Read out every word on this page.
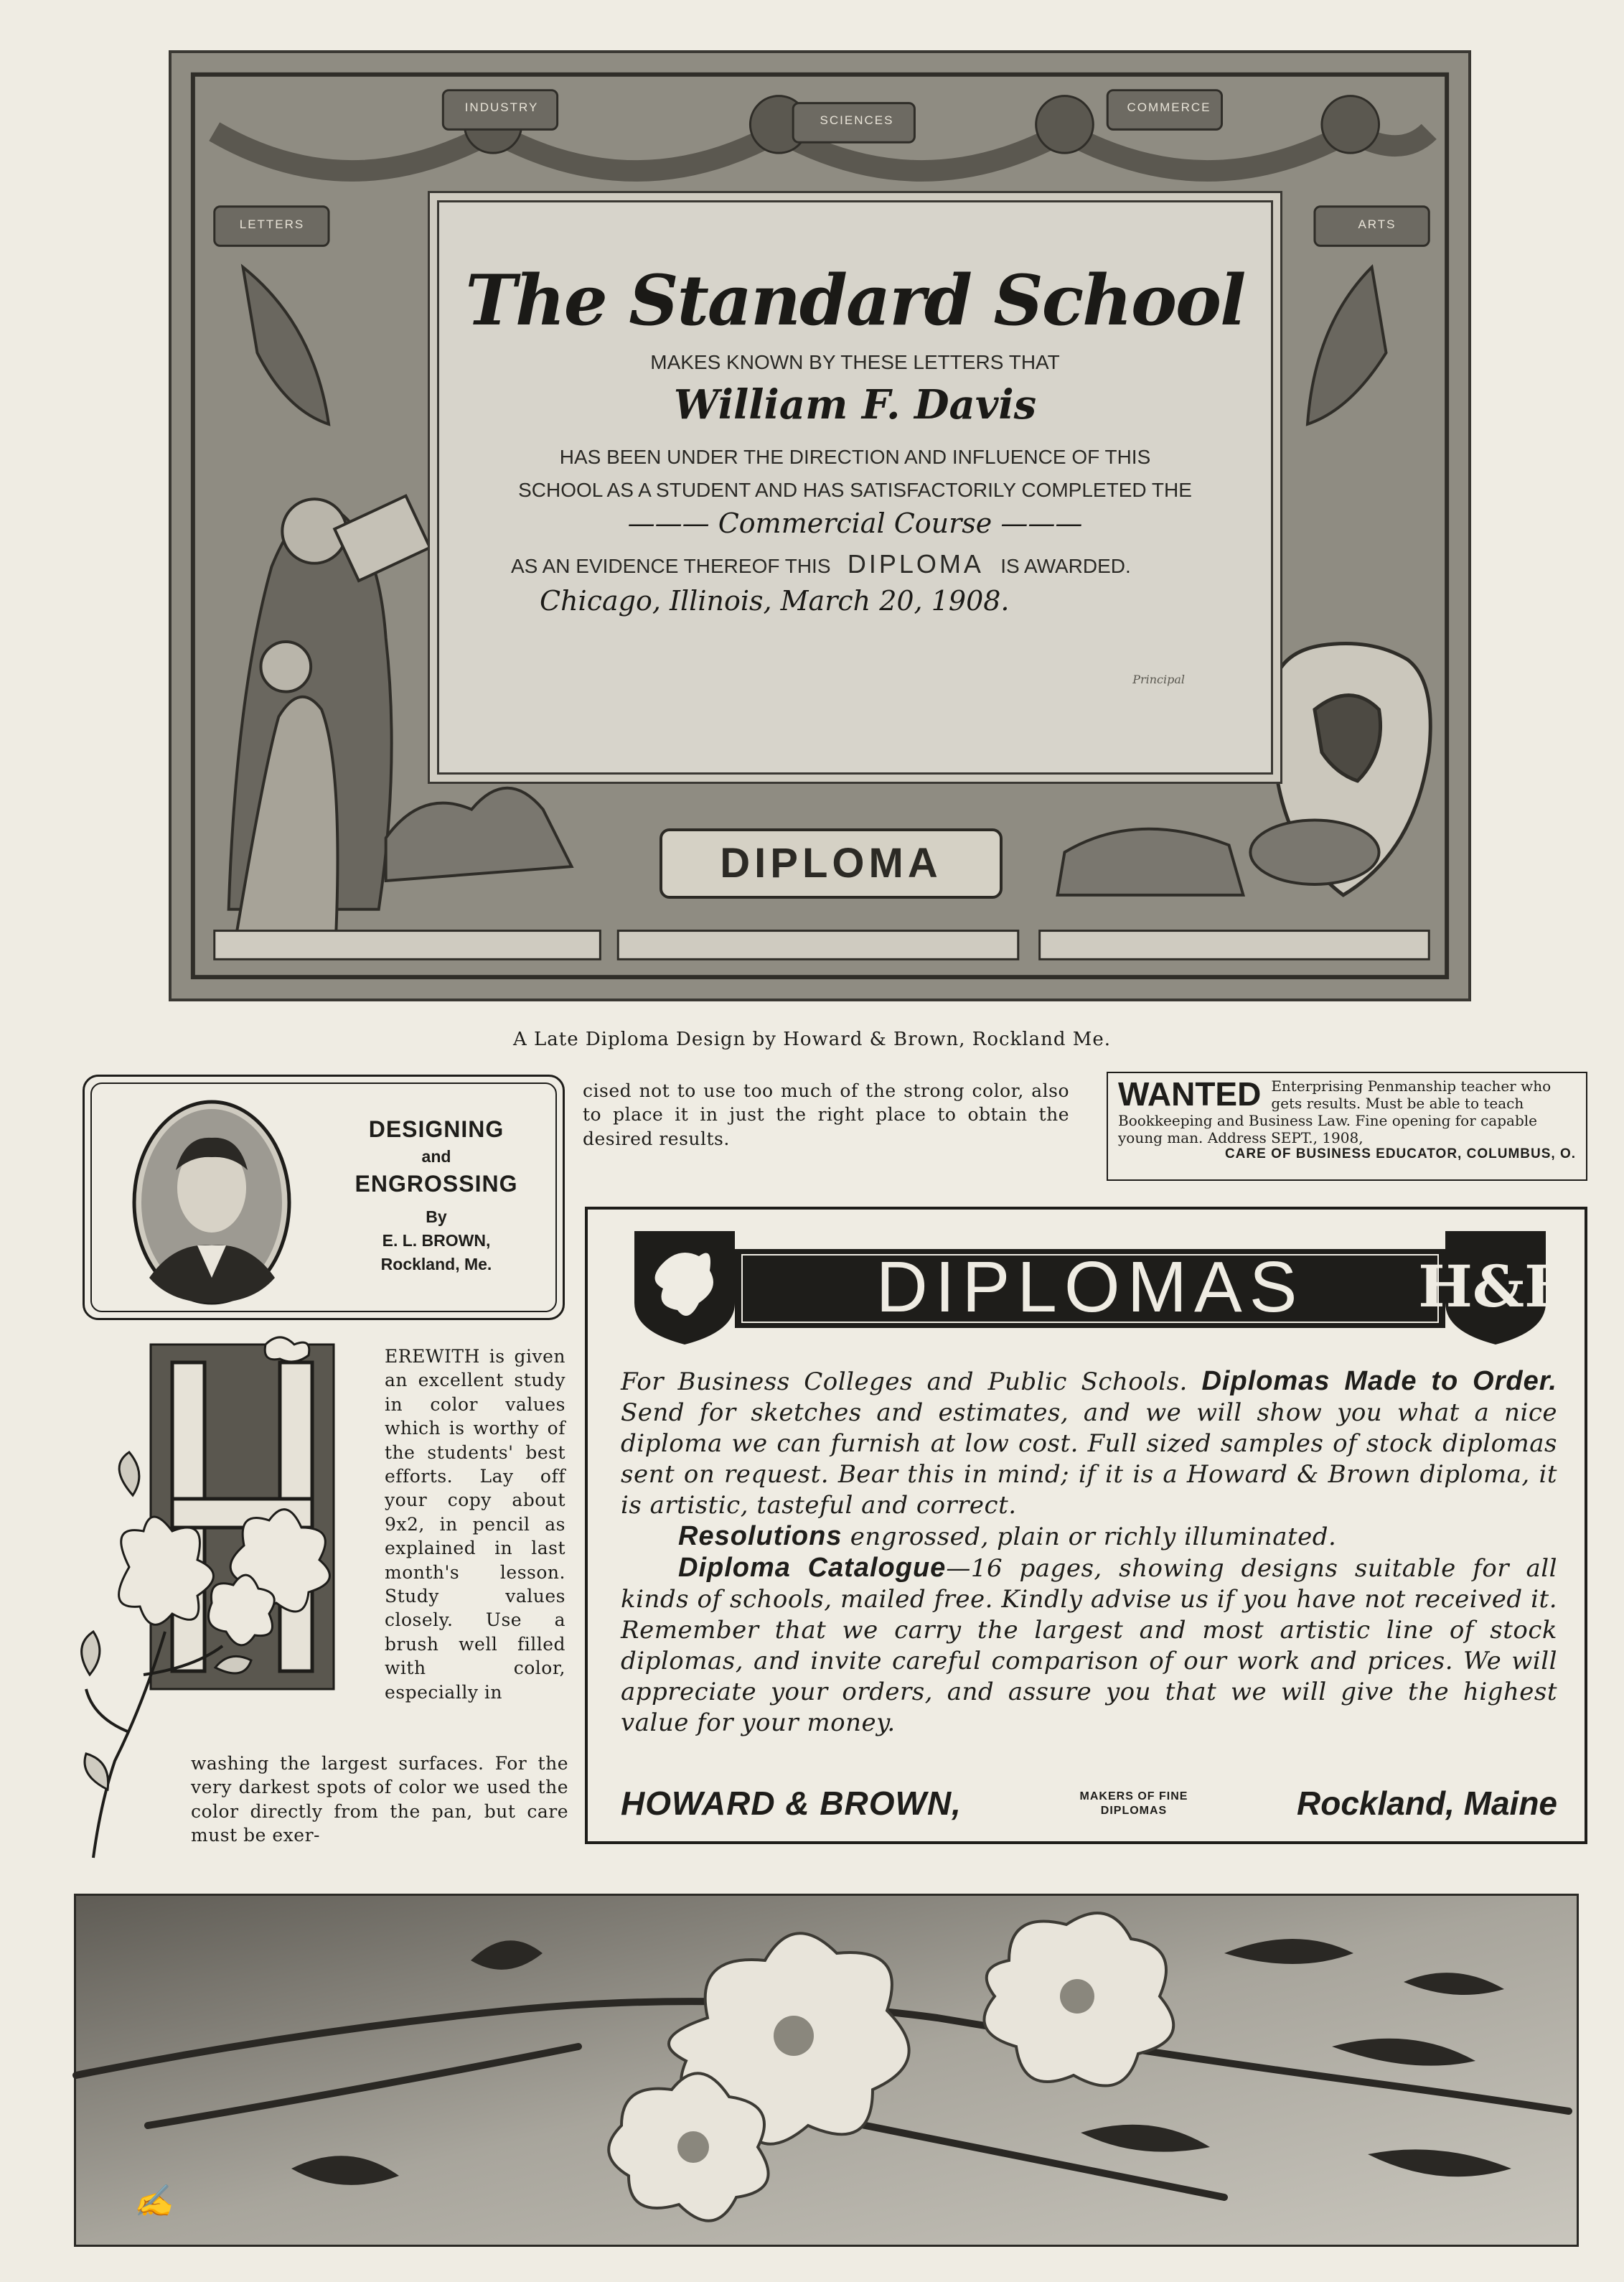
INDUSTRY
SCIENCES
COMMERCE
LETTERS	ARTS
The Standard School
MAKES KNOWN BY THESE LETTERS THAT
William F. Davis
HAS BEEN UNDER THE DIRECTION AND INFLUENCE OF THIS
SCHOOL AS A STUDENT AND HAS SATISFACTORILY COMPLETED THE
——— Commercial Course ———
AS AN EVIDENCE THEREOF THIS DIPLOMA IS AWARDED.
Chicago, Illinois, March 20, 1908.
Principal
DIPLOMA
A Late Diploma Design by Howard & Brown, Rockland Me.
DESIGNING
and
ENGROSSING
By
E. L. BROWN,
Rockland, Me.
EREWITH is given an excellent study in color values which is worthy of the students' best efforts. Lay off your copy about 9x2, in pencil as explained in last month's lesson. Study values closely. Use a brush well filled with color, especially in
washing the largest surfaces. For the very darkest spots of color we used the color directly from the pan, but care must be exer-
cised not to use too much of the strong color, also to place it in just the right place to obtain the desired results.
WANTED Enterprising Penmanship teacher who gets results. Must be able to teach Bookkeeping and Business Law. Fine opening for capable young man. Address SEPT., 1908,
CARE OF BUSINESS EDUCATOR, COLUMBUS, O.
H&B
DIPLOMAS
For Business Colleges and Public Schools. Diplomas Made to Order. Send for sketches and estimates, and we will show you what a nice diploma we can furnish at low cost. Full sized samples of stock diplomas sent on request. Bear this in mind; if it is a Howard & Brown diploma, it is artistic, tasteful and correct.
Resolutions engrossed, plain or richly illuminated.
Diploma Catalogue—16 pages, showing designs suitable for all kinds of schools, mailed free. Kindly advise us if you have not received it. Remember that we carry the largest and most artistic line of stock diplomas, and invite careful comparison of our work and prices. We will appreciate your orders, and assure you that we will give the highest value for your money.
HOWARD & BROWN,	MAKERS OF FINE DIPLOMAS	Rockland, Maine
✍
